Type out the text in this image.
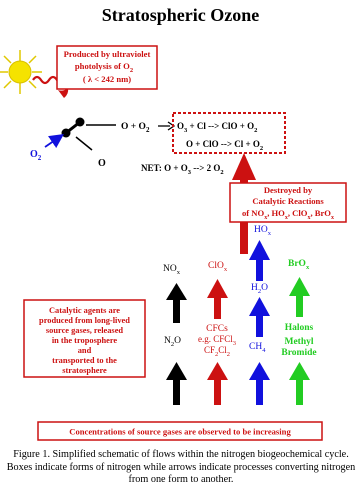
Stratospheric Ozone
Produced by ultraviolet
photolysis of $O_2$
( λ < 242 nm)
$O_2$	O
$O + O_2$	$O_3 + Cl$ --> ClO + $O_2$
O + ClO --> $Cl + O_2$
NET: $O + O_3$ --> 2 $O_2$
Destroyed by
Catalytic Reactions
of $NO_x$, $HO_x$, ClO$_x$, BrO$_x$
$NO_x$
$N_2O$
ClO$_x$
CFCs
e.g. CFCl$_3$
$CF_2Cl_2$
$HO_x$
$H_2O$
$CH_4$
BrO$_x$
Halons
Methyl
Bromide
Catalytic agents are
produced from long-lived
source gases, released
in the troposphere
and
transported to the
stratosphere
Concentrations of source gases are observed to be increasing
Figure 1. Simplified schematic of flows within the nitrogen biogeochemical cycle. Boxes indicate forms of nitrogen while arrows indicate processes converting nitrogen from one form to another.
